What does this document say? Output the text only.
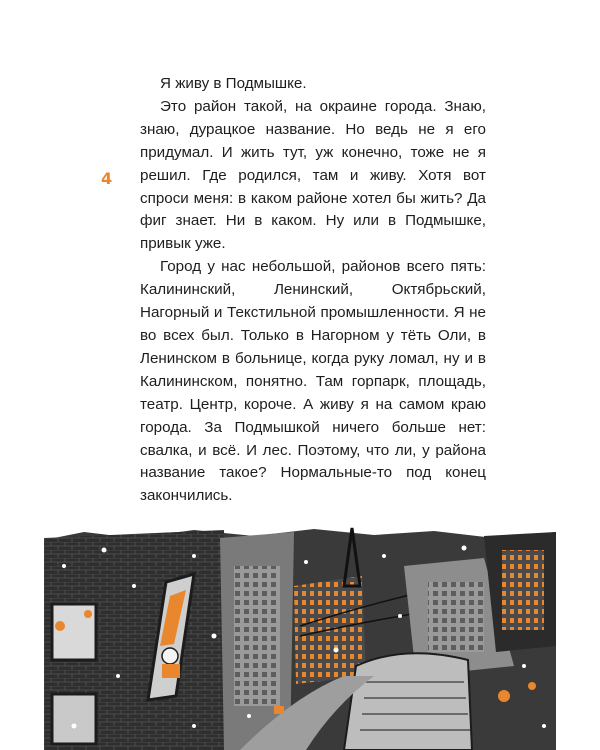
4

Я живу в Подмышке.

Это район такой, на окраине города. Знаю, знаю, дурацкое название. Но ведь не я его придумал. И жить тут, уж конечно, тоже не я решил. Где родился, там и живу. Хотя вот спроси меня: в каком районе хотел бы жить? Да фиг знает. Ни в каком. Ну или в Подмышке, привык уже.

Город у нас небольшой, районов всего пять: Калининский, Ленинский, Октябрьский, Нагорный и Текстильной промышленности. Я не во всех был. Только в Нагорном у тёть Оли, в Ленинском в больнице, когда руку ломал, ну и в Калининском, понятно. Там горпарк, площадь, театр. Центр, короче. А живу я на самом краю города. За Подмышкой ничего больше нет: свалка, и всё. И лес. Поэтому, что ли, у района название такое? Нормальные-то под конец закончились.
